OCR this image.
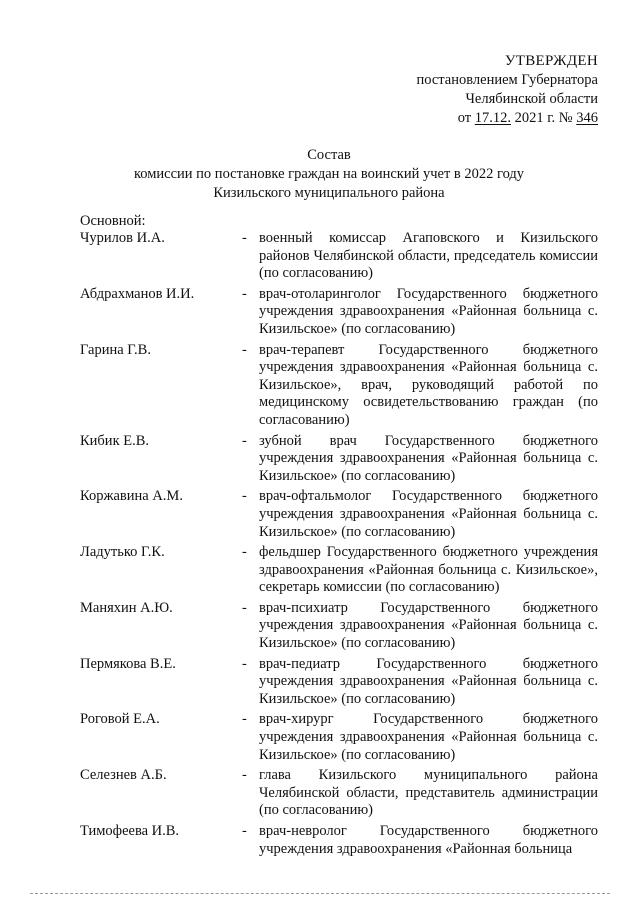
УТВЕРЖДЕН
постановлением Губернатора
Челябинской области
от 17.12. 2021 г. № 346
Состав
комиссии по постановке граждан на воинский учет в 2022 году
Кизильского муниципального района
Основной:
Чурилов И.А.	- военный комиссар Агаповского и Кизильского районов Челябинской области, председатель комиссии (по согласованию)
Абдрахманов И.И.	- врач-отоларинголог Государственного бюджетного учреждения здравоохранения «Районная больница с. Кизильское» (по согласованию)
Гарина Г.В.	- врач-терапевт Государственного бюджетного учреждения здравоохранения «Районная больница с. Кизильское», врач, руководящий работой по медицинскому освидетельствованию граждан (по согласованию)
Кибик Е.В.	- зубной врач Государственного бюджетного учреждения здравоохранения «Районная больница с. Кизильское» (по согласованию)
Коржавина А.М.	- врач-офтальмолог Государственного бюджетного учреждения здравоохранения «Районная больница с. Кизильское» (по согласованию)
Ладутько Г.К.	- фельдшер Государственного бюджетного учреждения здравоохранения «Районная больница с. Кизильское», секретарь комиссии (по согласованию)
Маняхин А.Ю.	- врач-психиатр Государственного бюджетного учреждения здравоохранения «Районная больница с. Кизильское» (по согласованию)
Пермякова В.Е.	- врач-педиатр Государственного бюджетного учреждения здравоохранения «Районная больница с. Кизильское» (по согласованию)
Роговой Е.А.	- врач-хирург Государственного бюджетного учреждения здравоохранения «Районная больница с. Кизильское» (по согласованию)
Селезнев А.Б.	- глава Кизильского муниципального района Челябинской области, представитель администрации (по согласованию)
Тимофеева И.В.	- врач-невролог Государственного бюджетного учреждения здравоохранения «Районная больница
